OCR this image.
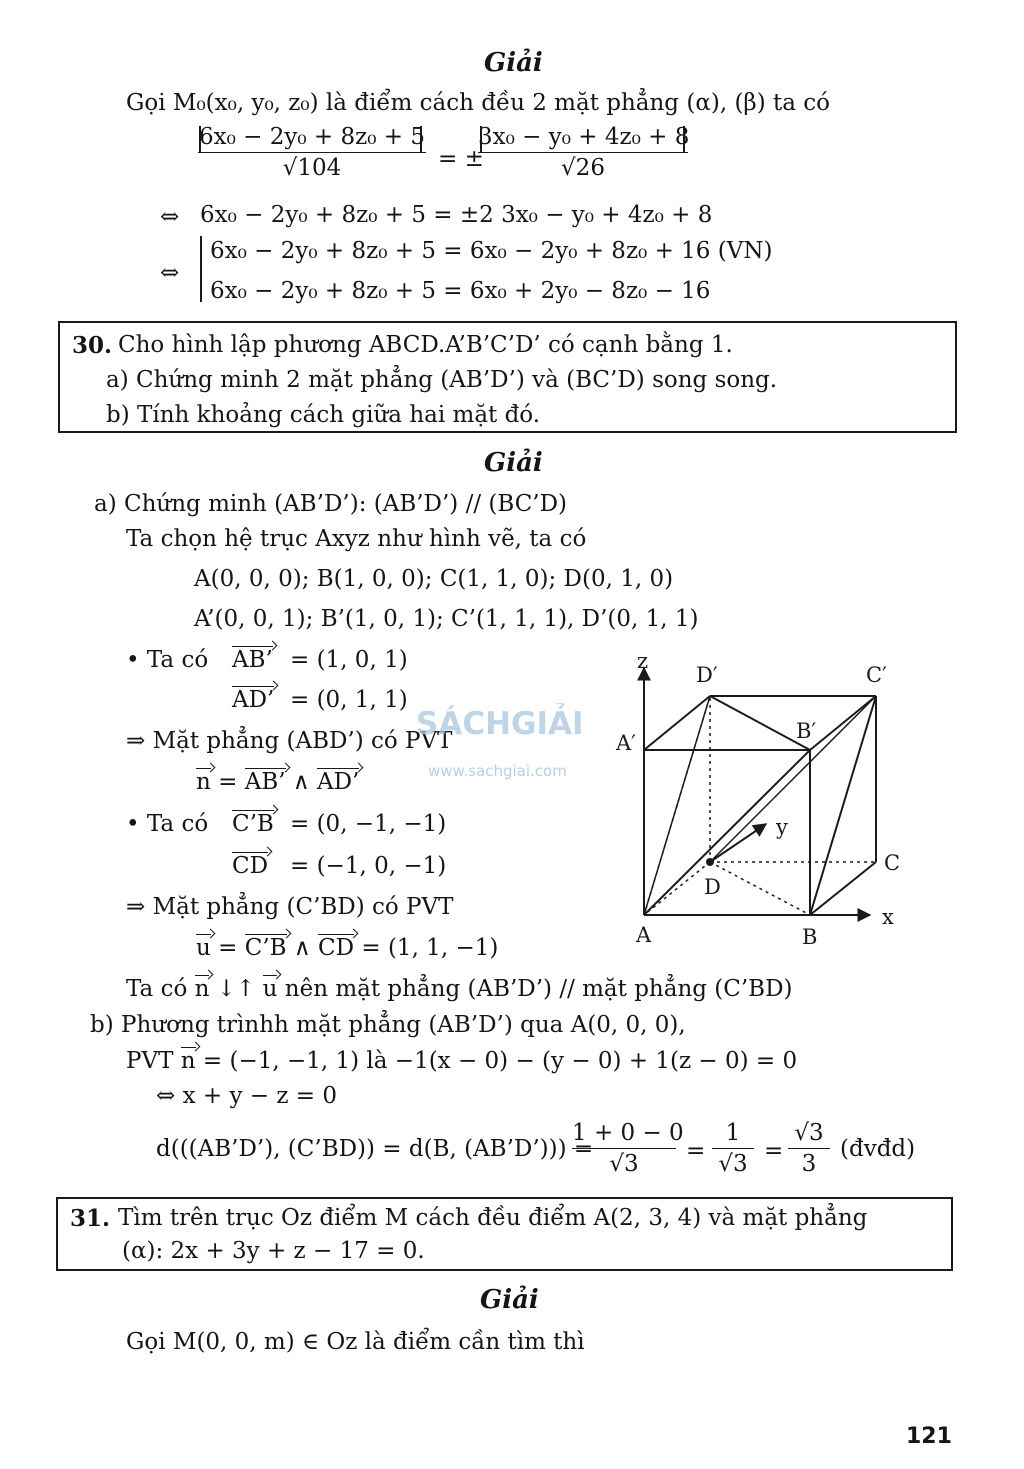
Giải
Gọi M₀(x₀, y₀, z₀) là điểm cách đều 2 mặt phẳng (α), (β) ta có
6x₀ − 2y₀ + 8z₀ + 5
√104	= ±
3x₀ − y₀ + 4z₀ + 8
√26
⇔ 6x₀ − 2y₀ + 8z₀ + 5 = ±2 3x₀ − y₀ + 4z₀ + 8
⇔
6x₀ − 2y₀ + 8z₀ + 5 = 6x₀ − 2y₀ + 8z₀ + 16 (VN)
6x₀ − 2y₀ + 8z₀ + 5 = 6x₀ + 2y₀ − 8z₀ − 16
30. Cho hình lập phương ABCD.A’B’C’D’ có cạnh bằng 1.
a) Chứng minh 2 mặt phẳng (AB’D’) và (BC’D) song song.
b) Tính khoảng cách giữa hai mặt đó.
Giải
a) Chứng minh (AB’D’): (AB’D’) // (BC’D)
Ta chọn hệ trục Axyz như hình vẽ, ta có
A(0, 0, 0); B(1, 0, 0); C(1, 1, 0); D(0, 1, 0)
A’(0, 0, 1); B’(1, 0, 1); C’(1, 1, 1), D’(0, 1, 1)
• Ta có AB’ = (1, 0, 1)
AD’ = (0, 1, 1)
⇒ Mặt phẳng (ABD’) có PVT
n = AB’ ∧ AD’
• Ta có C’B = (0, −1, −1)
CD = (−1, 0, −1)
⇒ Mặt phẳng (C’BD) có PVT
u = C’B ∧ CD = (1, 1, −1)
Ta có n ↓↑ u nên mặt phẳng (AB’D’) // mặt phẳng (C’BD)
b) Phương trìnhh mặt phẳng (AB’D’) qua A(0, 0, 0),
PVT n = (−1, −1, 1) là −1(x − 0) − (y − 0) + 1(z − 0) = 0
⇔ x + y − z = 0
d(((AB’D’), (C’BD)) = d(B, (AB’D’))) =
1 + 0 − 0
√3
=
1
√3
=
√3
3
(đvđd)
z
D′	C′
A′	B′
y
C
D
x
A	B
SÁCHGIẢI
www.sachgiai.com
31. Tìm trên trục Oz điểm M cách đều điểm A(2, 3, 4) và mặt phẳng
(α): 2x + 3y + z − 17 = 0.
Giải
Gọi M(0, 0, m) ∈ Oz là điểm cần tìm thì
121
